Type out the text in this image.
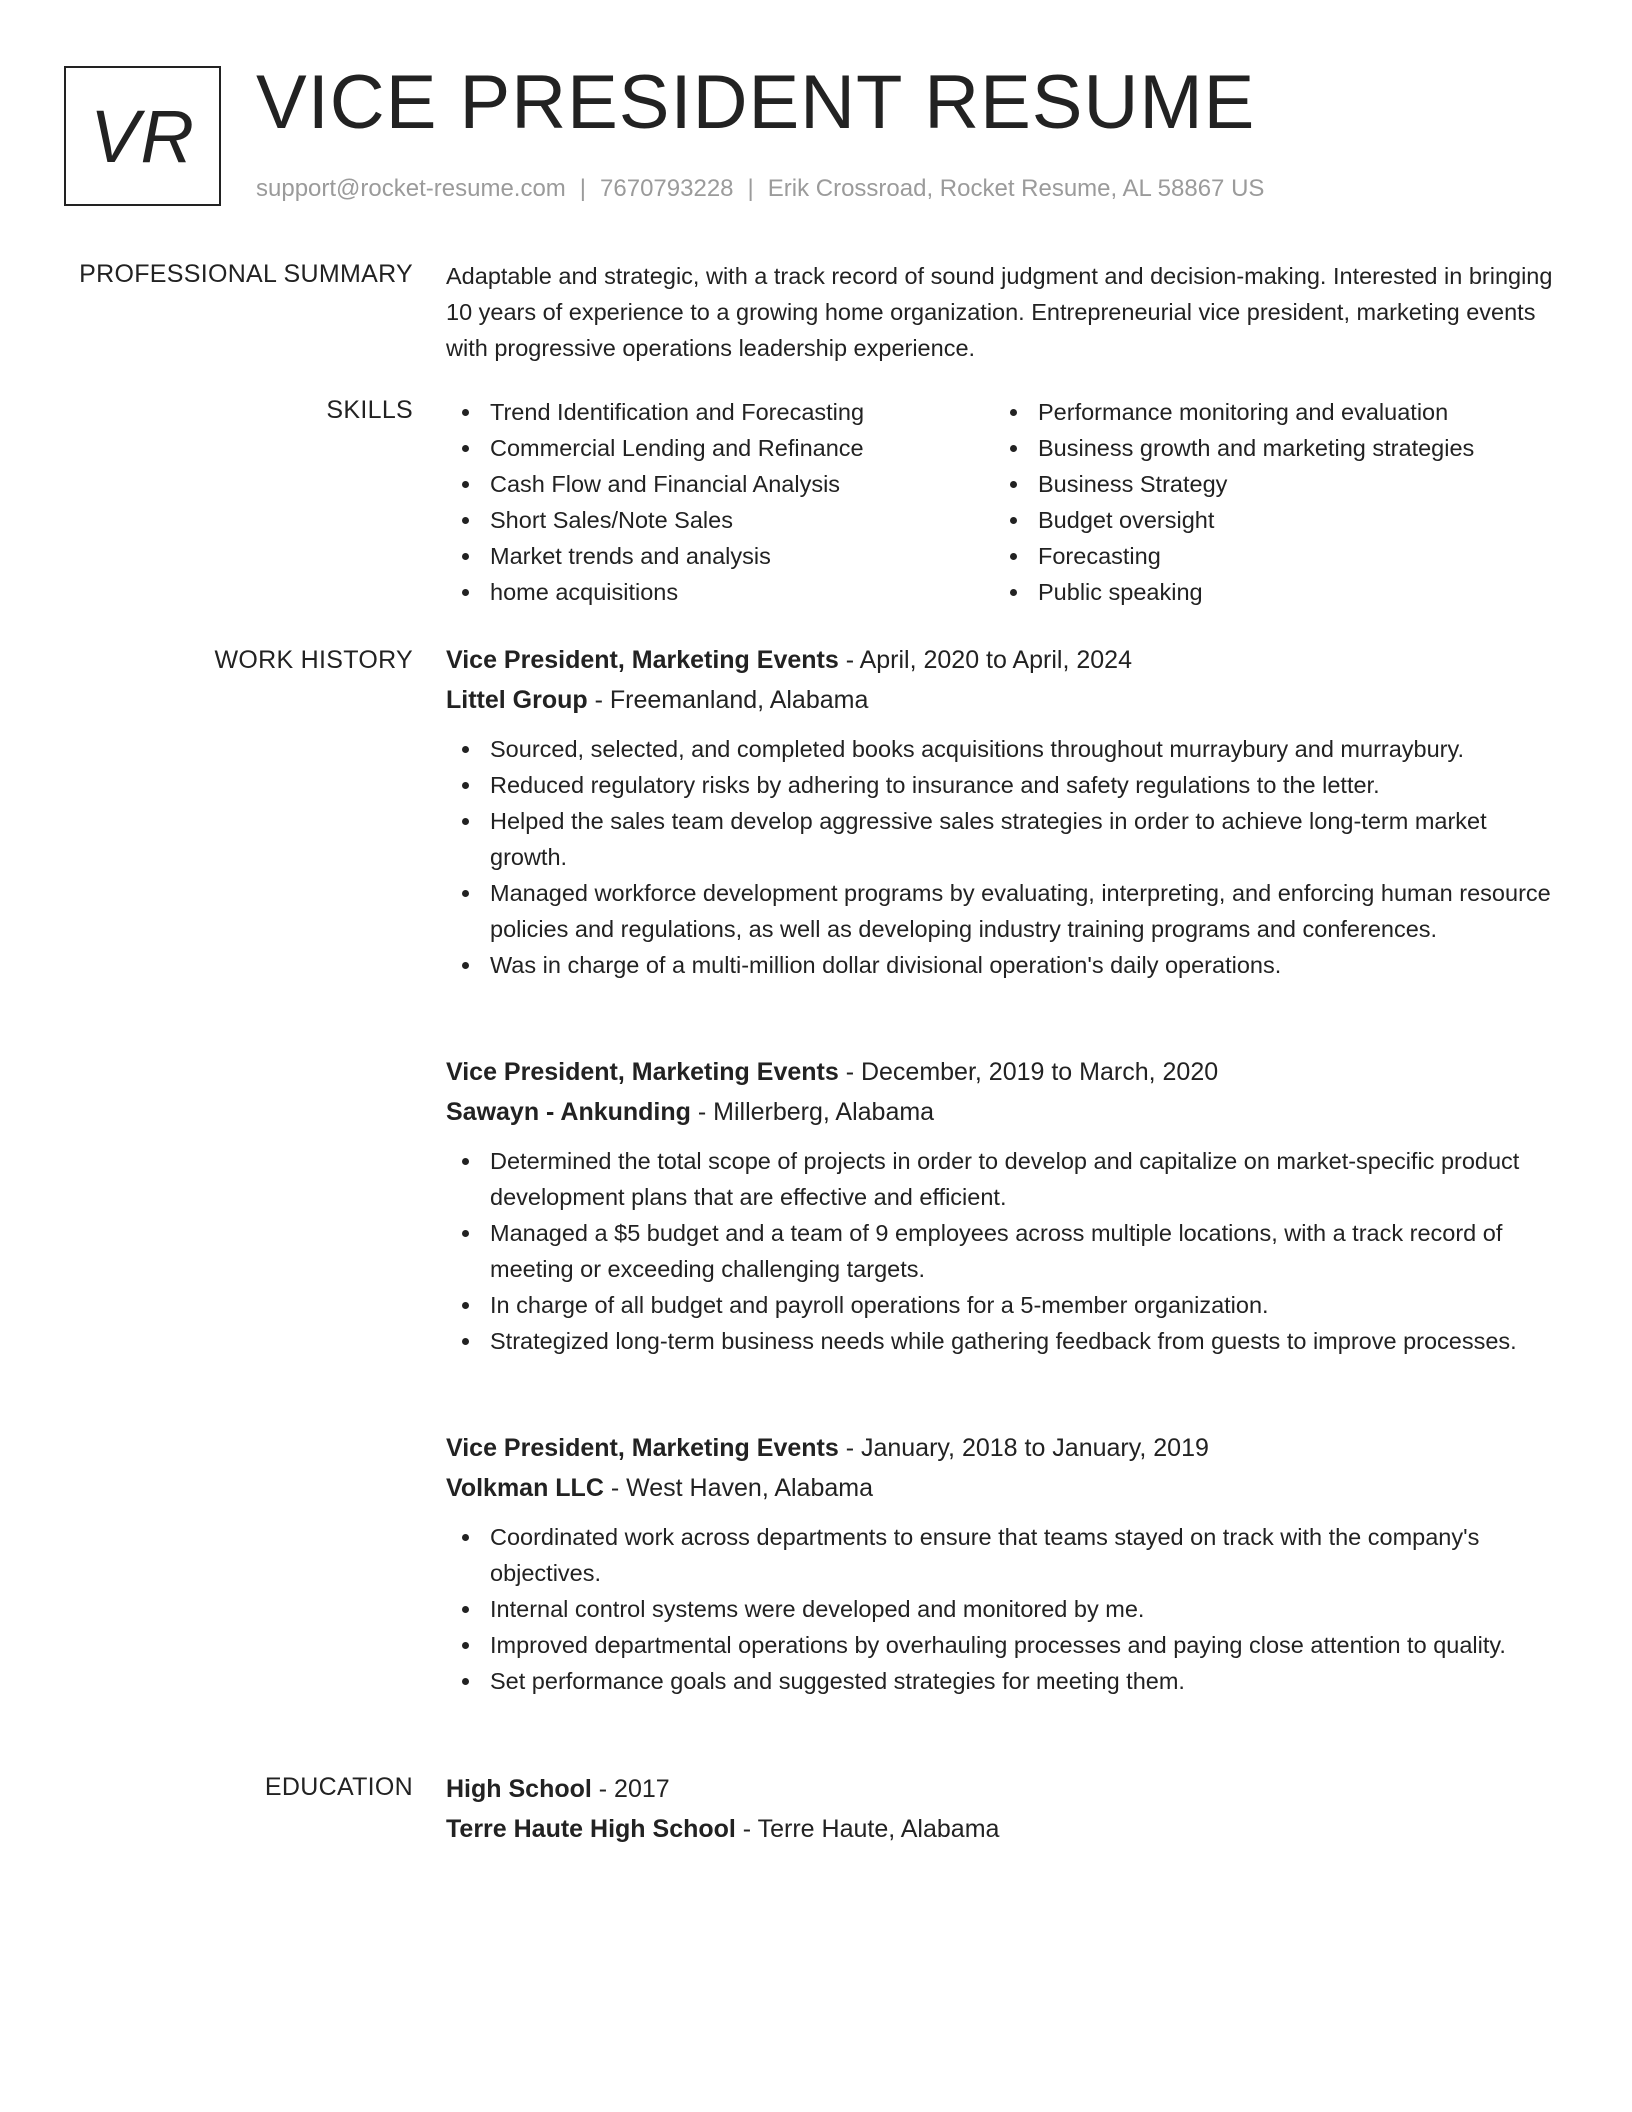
VR VICE PRESIDENT RESUME
support@rocket-resume.com | 7670793228 | Erik Crossroad, Rocket Resume, AL 58867 US
PROFESSIONAL SUMMARY Adaptable and strategic, with a track record of sound judgment and decision-making. Interested in bringing 10 years of experience to a growing home organization. Entrepreneurial vice president, marketing events with progressive operations leadership experience.

SKILLS	Trend Identification and Forecasting
Commercial Lending and Refinance
Cash Flow and Financial Analysis
Short Sales/Note Sales
Market trends and analysis
home acquisitions
Performance monitoring and evaluation
Business growth and marketing strategies
Business Strategy
Budget oversight
Forecasting
Public speaking
WORK HISTORY Vice President, Marketing Events - April, 2020 to April, 2024
Littel Group - Freemanland, Alabama
Sourced, selected, and completed books acquisitions throughout murraybury and murraybury.
Reduced regulatory risks by adhering to insurance and safety regulations to the letter.
Helped the sales team develop aggressive sales strategies in order to achieve long-term market growth.
Managed workforce development programs by evaluating, interpreting, and enforcing human resource policies and regulations, as well as developing industry training programs and conferences.
Was in charge of a multi-million dollar divisional operation's daily operations.
Vice President, Marketing Events - December, 2019 to March, 2020
Sawayn - Ankunding - Millerberg, Alabama
Determined the total scope of projects in order to develop and capitalize on market-specific product development plans that are effective and efficient.
Managed a $5 budget and a team of 9 employees across multiple locations, with a track record of meeting or exceeding challenging targets.
In charge of all budget and payroll operations for a 5-member organization.
Strategized long-term business needs while gathering feedback from guests to improve processes.
Vice President, Marketing Events - January, 2018 to January, 2019
Volkman LLC - West Haven, Alabama
Coordinated work across departments to ensure that teams stayed on track with the company's objectives.
Internal control systems were developed and monitored by me.
Improved departmental operations by overhauling processes and paying close attention to quality.
Set performance goals and suggested strategies for meeting them.
EDUCATION High School - 2017
Terre Haute High School - Terre Haute, Alabama
